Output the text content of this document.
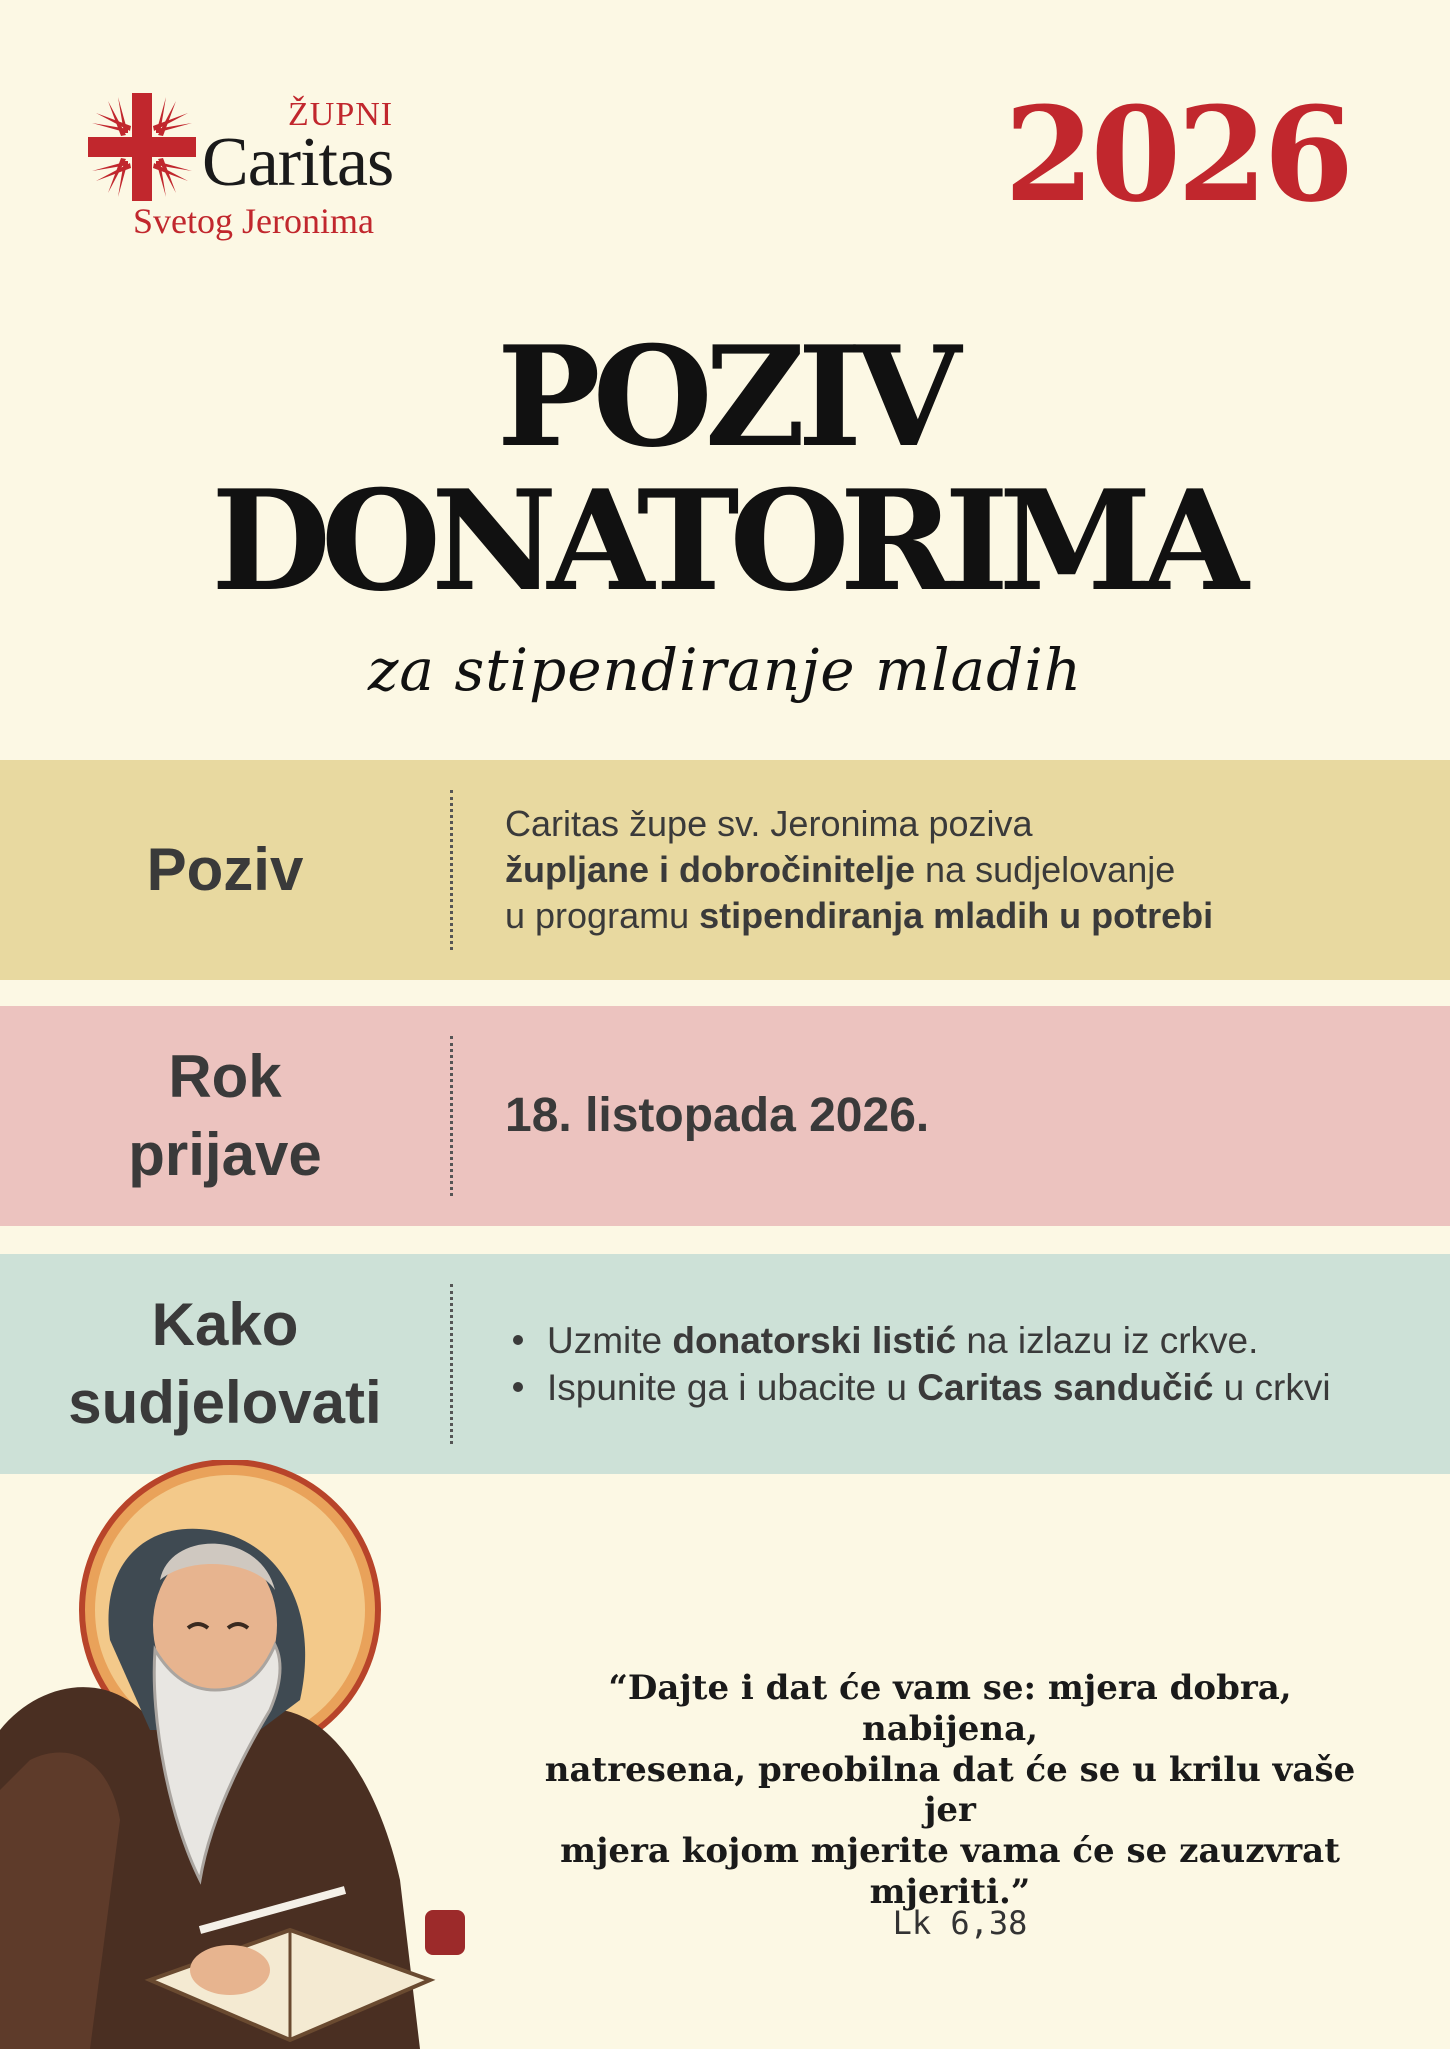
ŽUPNI
Caritas
Svetog Jeronima	2026
POZIV
DONATORIMA
za stipendiranje mladih
Poziv
Caritas župe sv. Jeronima poziva
župljane i dobročinitelje na sudjelovanje
u programu stipendiranja mladih u potrebi
Rok
prijave
18. listopada 2026.
Kako
sudjelovati
Uzmite donatorski listić na izlazu iz crkve.
Ispunite ga i ubacite u Caritas sandučić u crkvi
“Dajte i dat će vam se: mjera dobra, nabijena,
natresena, preobilna dat će se u krilu vaše jer
mjera kojom mjerite vama će se zauzvrat
mjeriti.”
Lk 6,38
